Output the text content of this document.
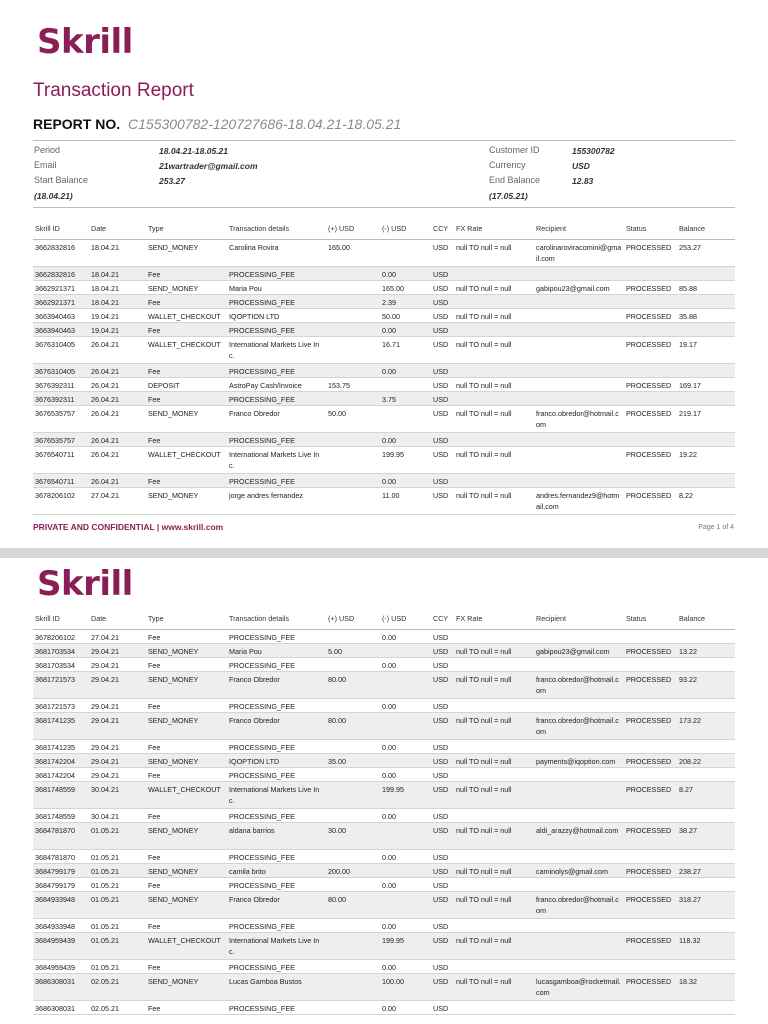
Skrill
Transaction Report
REPORT NO. C155300782-120727686-18.04.21-18.05.21
Period	18.04.21-18.05.21
Email	21wartrader@gmail.com
Start Balance	253.27
(18.04.21)
Customer ID	155300782
Currency	USD
End Balance	12.83
(17.05.21)
Skrill ID	Date	Type	Transaction details	(+) USD	(-) USD	CCY	FX Rate	Recipient	Status	Balance
3662832816	18.04.21	SEND_MONEY	Carolina Rovira	165.00		USD	null TO null = null	carolinaroviracomini@gmail.com	PROCESSED	253.27
3662832816	18.04.21	Fee	PROCESSING_FEE		0.00	USD				
3662921371	18.04.21	SEND_MONEY	Maria Pou		165.00	USD	null TO null = null	gabipou23@gmail.com	PROCESSED	85.88
3662921371	18.04.21	Fee	PROCESSING_FEE		2.39	USD				
3663940463	19.04.21	WALLET_CHECKOUT	IQOPTION LTD		50.00	USD	null TO null = null		PROCESSED	35.88
3663940463	19.04.21	Fee	PROCESSING_FEE		0.00	USD				
3676310405	26.04.21	WALLET_CHECKOUT	International Markets Live Inc.		16.71	USD	null TO null = null		PROCESSED	19.17
3676310405	26.04.21	Fee	PROCESSING_FEE		0.00	USD				
3676392311	26.04.21	DEPOSIT	AstroPay Cash/Invoice	153.75		USD	null TO null = null		PROCESSED	169.17
3676392311	26.04.21	Fee	PROCESSING_FEE		3.75	USD				
3676535757	26.04.21	SEND_MONEY	Franco Obredor	50.00		USD	null TO null = null	franco.obredor@hotmail.com	PROCESSED	219.17
3676535757	26.04.21	Fee	PROCESSING_FEE		0.00	USD				
3676540711	26.04.21	WALLET_CHECKOUT	International Markets Live Inc.		199.95	USD	null TO null = null		PROCESSED	19.22
3676540711	26.04.21	Fee	PROCESSING_FEE		0.00	USD				
3678206102	27.04.21	SEND_MONEY	jorge andres fernandez		11.00	USD	null TO null = null	andres.fernandez9@hotmail.com	PROCESSED	8.22
PRIVATE AND CONFIDENTIAL | www.skrill.com	Page 1 of 4
Skrill
Skrill ID	Date	Type	Transaction details	(+) USD	(-) USD	CCY	FX Rate	Recipient	Status	Balance
3678206102	27.04.21	Fee	PROCESSING_FEE		0.00	USD				
3681703534	29.04.21	SEND_MONEY	Maria Pou	5.00		USD	null TO null = null	gabipou23@gmail.com	PROCESSED	13.22
3681703534	29.04.21	Fee	PROCESSING_FEE		0.00	USD				
3681721573	29.04.21	SEND_MONEY	Franco Obredor	80.00		USD	null TO null = null	franco.obredor@hotmail.com	PROCESSED	93.22
3681721573	29.04.21	Fee	PROCESSING_FEE		0.00	USD				
3681741235	29.04.21	SEND_MONEY	Franco Obredor	80.00		USD	null TO null = null	franco.obredor@hotmail.com	PROCESSED	173.22
3681741235	29.04.21	Fee	PROCESSING_FEE		0.00	USD				
3681742204	29.04.21	SEND_MONEY	IQOPTION LTD	35.00		USD	null TO null = null	payments@iqoption.com	PROCESSED	208.22
3681742204	29.04.21	Fee	PROCESSING_FEE		0.00	USD				
3681748559	30.04.21	WALLET_CHECKOUT	International Markets Live Inc.		199.95	USD	null TO null = null		PROCESSED	8.27
3681748559	30.04.21	Fee	PROCESSING_FEE		0.00	USD				
3684781870	01.05.21	SEND_MONEY	aldana barrios	30.00		USD	null TO null = null	aldi_arazzy@hotmail.com	PROCESSED	38.27
3684781870	01.05.21	Fee	PROCESSING_FEE		0.00	USD				
3684799179	01.05.21	SEND_MONEY	camila brito	200.00		USD	null TO null = null	caminolys@gmail.com	PROCESSED	238.27
3684799179	01.05.21	Fee	PROCESSING_FEE		0.00	USD				
3684933948	01.05.21	SEND_MONEY	Franco Obredor	80.00		USD	null TO null = null	franco.obredor@hotmail.com	PROCESSED	318.27
3684933948	01.05.21	Fee	PROCESSING_FEE		0.00	USD				
3684959439	01.05.21	WALLET_CHECKOUT	International Markets Live Inc.		199.95	USD	null TO null = null		PROCESSED	118.32
3684959439	01.05.21	Fee	PROCESSING_FEE		0.00	USD				
3686308031	02.05.21	SEND_MONEY	Lucas Gamboa Bustos		100.00	USD	null TO null = null	lucasgamboa@rocketmail.com	PROCESSED	18.32
3686308031	02.05.21	Fee	PROCESSING_FEE		0.00	USD				
